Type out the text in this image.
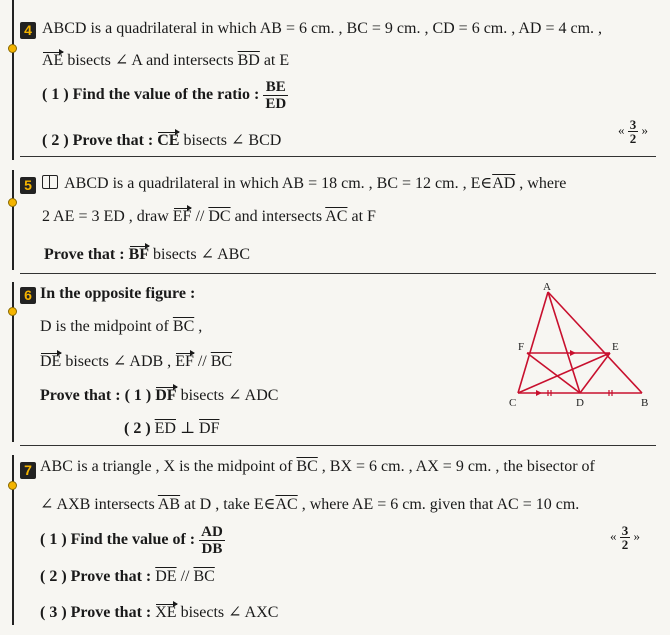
4 ABCD is a quadrilateral in which AB = 6 cm. , BC = 9 cm. , CD = 6 cm. , AD = 4 cm. ,
AE bisects ∠ A and intersects $\overline{BD}$ at E
( 1 ) Find the value of the ratio : $\frac{BE}{ED}$
( 2 ) Prove that : CE bisects ∠ BCD
« $\frac{3}{2}$ »
5	ABCD is a quadrilateral in which AB = 18 cm. , BC = 12 cm. , $E\in\overline{AD}$ , where
2 AE = 3 ED , draw EF // $\overline{DC}$ and intersects $\overline{AC}$ at F
Prove that : BF bisects ∠ ABC
6 In the opposite figure :
D is the midpoint of $\overline{BC}$ ,
DE bisects ∠ ADB , EF // $\overline{BC}$
Prove that : ( 1 ) DF bisects ∠ ADC
( 2 ) $\overline{ED}$ ⊥ $\overline{DF}$
A
B
C	D
E
F
7 ABC is a triangle , X is the midpoint of $\overline{BC}$ , BX = 6 cm. , AX = 9 cm. , the bisector of
∠ AXB intersects $\overline{AB}$ at D , take $E\in\overline{AC}$ , where AE = 6 cm. given that AC = 10 cm.
( 1 ) Find the value of : $\frac{AD}{DB}$	« $\frac{3}{2}$ »
( 2 ) Prove that : $\overline{DE} // \overline{BC}$
( 3 ) Prove that : XE bisects ∠ AXC
